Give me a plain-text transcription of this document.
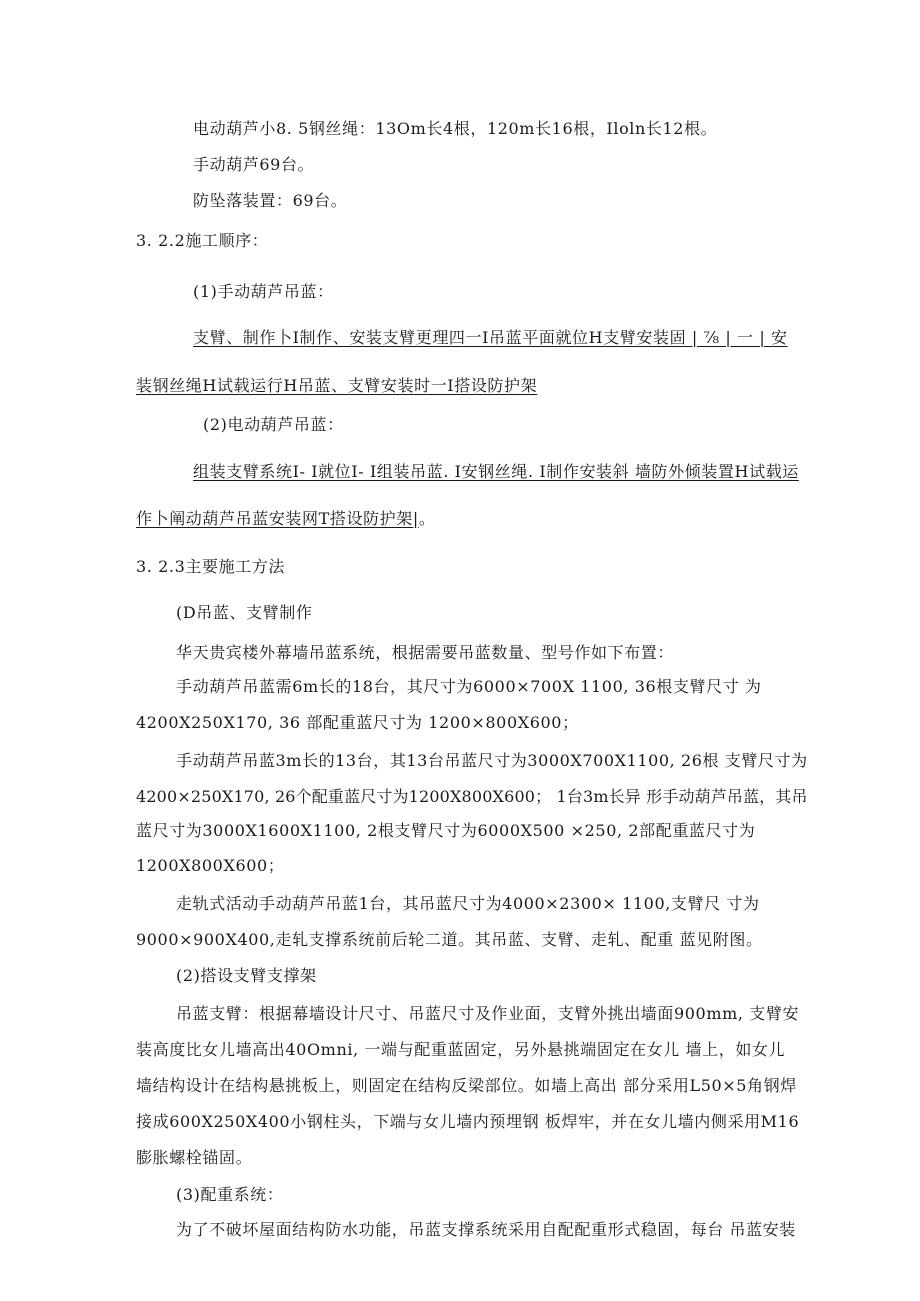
电动葫芦小8. 5钢丝绳：13Om长4根，120m长16根，Iloln长12根。
手动葫芦69台。
防坠落装置：69台。
3. 2.2施工顺序：
(1)手动葫芦吊蓝：
支臂、制作卜I制作、安装支臂更理四一I吊蓝平面就位H支臂安装固 | ⅞ | 一 | 安
装钢丝绳H试载运行H吊蓝、支臂安装时一I搭设防护架
(2)电动葫芦吊蓝：
组装支臂系统I- I就位I- I组装吊蓝. I安钢丝绳. I制作安装斜 墙防外倾装置H试载运
作卜阐动葫芦吊蓝安装网T搭设防护架|。
3. 2.3主要施工方法
(D吊蓝、支臂制作
华天贵宾楼外幕墙吊蓝系统，根据需要吊蓝数量、型号作如下布置：
手动葫芦吊蓝需6m长的18台，其尺寸为6000×700X 1100, 36根支臂尺寸 为
4200X250X170, 36 部配重蓝尺寸为 1200×800X600；
手动葫芦吊蓝3m长的13台，其13台吊蓝尺寸为3000X700X1100, 26根 支臂尺寸为
4200×250X170, 26个配重蓝尺寸为1200X800X600； 1台3m长异 形手动葫芦吊蓝，其吊
蓝尺寸为3000X1600X1100, 2根支臂尺寸为6000X500 ×250, 2部配重蓝尺寸为
1200X800X600；
走轨式活动手动葫芦吊蓝1台，其吊蓝尺寸为4000×2300× 1100,支臂尺 寸为
9000×900X400,走轧支撑系统前后轮二道。其吊蓝、支臂、走轧、配重 蓝见附图。
(2)搭设支臂支撑架
吊蓝支臂：根据幕墙设计尺寸、吊蓝尺寸及作业面，支臂外挑出墙面900mm, 支臂安
装高度比女儿墙高出40Omni, 一端与配重蓝固定，另外悬挑端固定在女儿 墙上，如女儿
墙结构设计在结构悬挑板上，则固定在结构反梁部位。如墙上高出 部分采用L50×5角钢焊
接成600X250X400小钢柱头，下端与女儿墙内预埋钢 板焊牢，并在女儿墙内侧采用M16
膨胀螺栓锚固。
(3)配重系统：
为了不破坏屋面结构防水功能，吊蓝支撑系统采用自配配重形式稳固，每台 吊蓝安装
